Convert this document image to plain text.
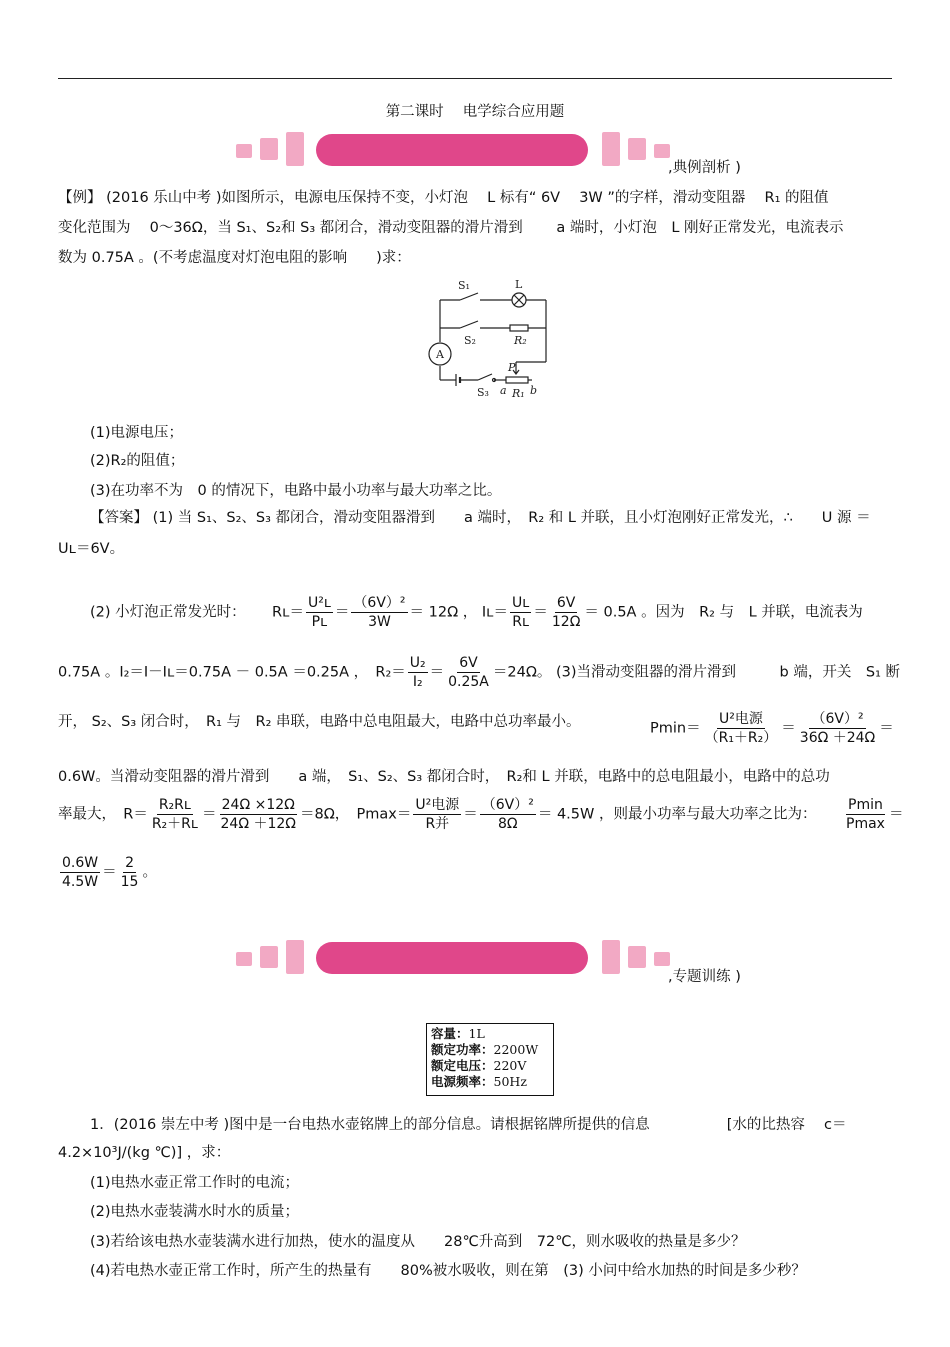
第二课时　 电学综合应用题
,典例剖析 )
【例】 (2016 乐山中考 )如图所示，电源电压保持不变，小灯泡　 L 标有“ 6V 　3W ”的字样，滑动变阻器　 R₁ 的阻值
变化范围为　 0～36Ω，当 S₁、S₂和 S₃ 都闭合，滑动变阻器的滑片滑到　　 a 端时，小灯泡　L 刚好正常发光，电流表示
数为 0.75A 。(不考虑温度对灯泡电阻的影响　　)求：
S₁	L
S₂	R₂
A
P
S₃ a R₁ b
(1)电源电压；
(2)R₂的阻值；
(3)在功率不为　0 的情况下，电路中最小功率与最大功率之比。
【答案】 (1) 当 S₁、S₂、S₃ 都闭合，滑动变阻器滑到　　a 端时，　R₂ 和 L 并联，且小灯泡刚好正常发光，∴　　U 源 ＝
Uʟ＝6V。
(2) 小灯泡正常发光时：　　 Rʟ＝ $\frac{\text{U²ʟ}}{\text{Pʟ}} = \frac{\text{（6V）²}}{3W} = 12\Omega$ ， Iʟ＝ $\frac{\text{Uʟ}}{\text{Rʟ}} = \frac{6V}{12\Omega} = 0.5A$ 。因为　R₂ 与　L 并联，电流表为
0.75A 。I₂＝I－Iʟ＝0.75A － 0.5A ＝0.25A ，　$R_2= \frac{\text{U₂}}{\text{I₂}} = \frac{6V}{0.25A} =24\Omega$。 (3)当滑动变阻器的滑片滑到　　　b 端，开关　S₁ 断
开， S₂、S₃ 闭合时，　R₁ 与　R₂ 串联，电路中总电阻最大，电路中总功率最小。	$Pmin= \frac{\text{U²电源}}{\text{（R₁＋R₂）}} = \frac{\text{（6V）²}}{36\Omega +24\Omega}$ ＝
0.6W。当滑动变阻器的滑片滑到　　a 端，　S₁、S₂、S₃ 都闭合时，　R₂和 L 并联，电路中的总电阻最小，电路中的总功
率最大，　$R= \frac{\text{R₂Rʟ}}{\text{R₂＋Rʟ}} = \frac{24\Omega \times 12\Omega}{24\Omega +12\Omega} =8\Omega$，　$Pmax= \frac{\text{U²电源}}{\text{R并}} = \frac{\text{（6V）²}}{8\Omega} = 4.5W$ ，则最小功率与最大功率之比为： $\frac{Pmin}{Pmax}$ ＝
$\frac{0.6W}{4.5W} = \frac{2}{15}$ 。
,专题训练 )
容量：1L
额定功率：2200W
额定电压：220V
电源频率：50Hz
1．(2016 崇左中考 )图中是一台电热水壶铭牌上的部分信息。请根据铭牌所提供的信息　　　　　 [水的比热容　 c＝
4.2×10³J/(kg ℃)] ，求：
(1)电热水壶正常工作时的电流；
(2)电热水壶装满水时水的质量；
(3)若给该电热水壶装满水进行加热，使水的温度从　　28℃升高到　72℃，则水吸收的热量是多少？
(4)若电热水壶正常工作时，所产生的热量有　　80%被水吸收，则在第　(3) 小问中给水加热的时间是多少秒？
